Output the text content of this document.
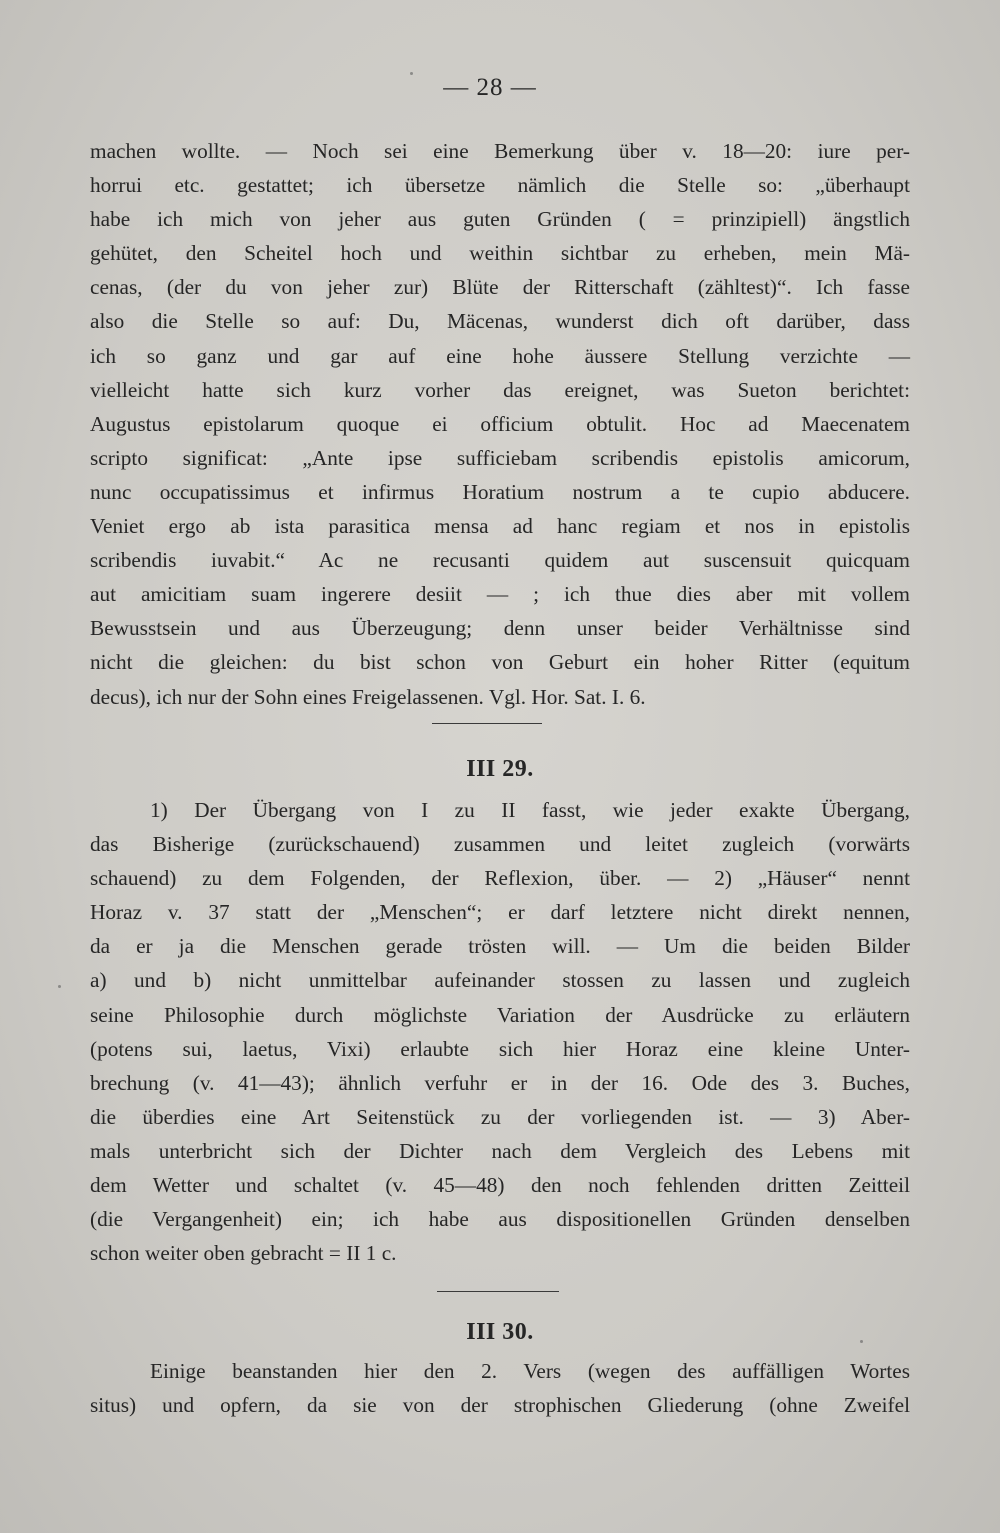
— 28 —

machen wollte. — Noch sei eine Bemerkung über v. 18—20: iure per-

horrui etc. gestattet; ich übersetze nämlich die Stelle so: „überhaupt

habe ich mich von jeher aus guten Gründen ( = prinzipiell) ängstlich

gehütet, den Scheitel hoch und weithin sichtbar zu erheben, mein Mä-

cenas, (der du von jeher zur) Blüte der Ritterschaft (zähltest)“. Ich fasse

also die Stelle so auf: Du, Mäcenas, wunderst dich oft darüber, dass

ich so ganz und gar auf eine hohe äussere Stellung verzichte —

vielleicht hatte sich kurz vorher das ereignet, was Sueton berichtet:

Augustus epistolarum quoque ei officium obtulit. Hoc ad Maecenatem

scripto significat: „Ante ipse sufficiebam scribendis epistolis amicorum,

nunc occupatissimus et infirmus Horatium nostrum a te cupio abducere.

Veniet ergo ab ista parasitica mensa ad hanc regiam et nos in epistolis

scribendis iuvabit.“ Ac ne recusanti quidem aut suscensuit quicquam

aut amicitiam suam ingerere desiit — ; ich thue dies aber mit vollem

Bewusstsein und aus Überzeugung; denn unser beider Verhältnisse sind

nicht die gleichen: du bist schon von Geburt ein hoher Ritter (equitum

decus), ich nur der Sohn eines Freigelassenen. Vgl. Hor. Sat. I. 6.

III 29.

1) Der Übergang von I zu II fasst, wie jeder exakte Übergang,

das Bisherige (zurückschauend) zusammen und leitet zugleich (vorwärts

schauend) zu dem Folgenden, der Reflexion, über. — 2) „Häuser“ nennt

Horaz v. 37 statt der „Menschen“; er darf letztere nicht direkt nennen,

da er ja die Menschen gerade trösten will. — Um die beiden Bilder

a) und b) nicht unmittelbar aufeinander stossen zu lassen und zugleich

seine Philosophie durch möglichste Variation der Ausdrücke zu erläutern

(potens sui, laetus, Vixi) erlaubte sich hier Horaz eine kleine Unter-

brechung (v. 41—43); ähnlich verfuhr er in der 16. Ode des 3. Buches,

die überdies eine Art Seitenstück zu der vorliegenden ist. — 3) Aber-

mals unterbricht sich der Dichter nach dem Vergleich des Lebens mit

dem Wetter und schaltet (v. 45—48) den noch fehlenden dritten Zeitteil

(die Vergangenheit) ein; ich habe aus dispositionellen Gründen denselben

schon weiter oben gebracht = II 1 c.

III 30.

Einige beanstanden hier den 2. Vers (wegen des auffälligen Wortes

situs) und opfern, da sie von der strophischen Gliederung (ohne Zweifel
